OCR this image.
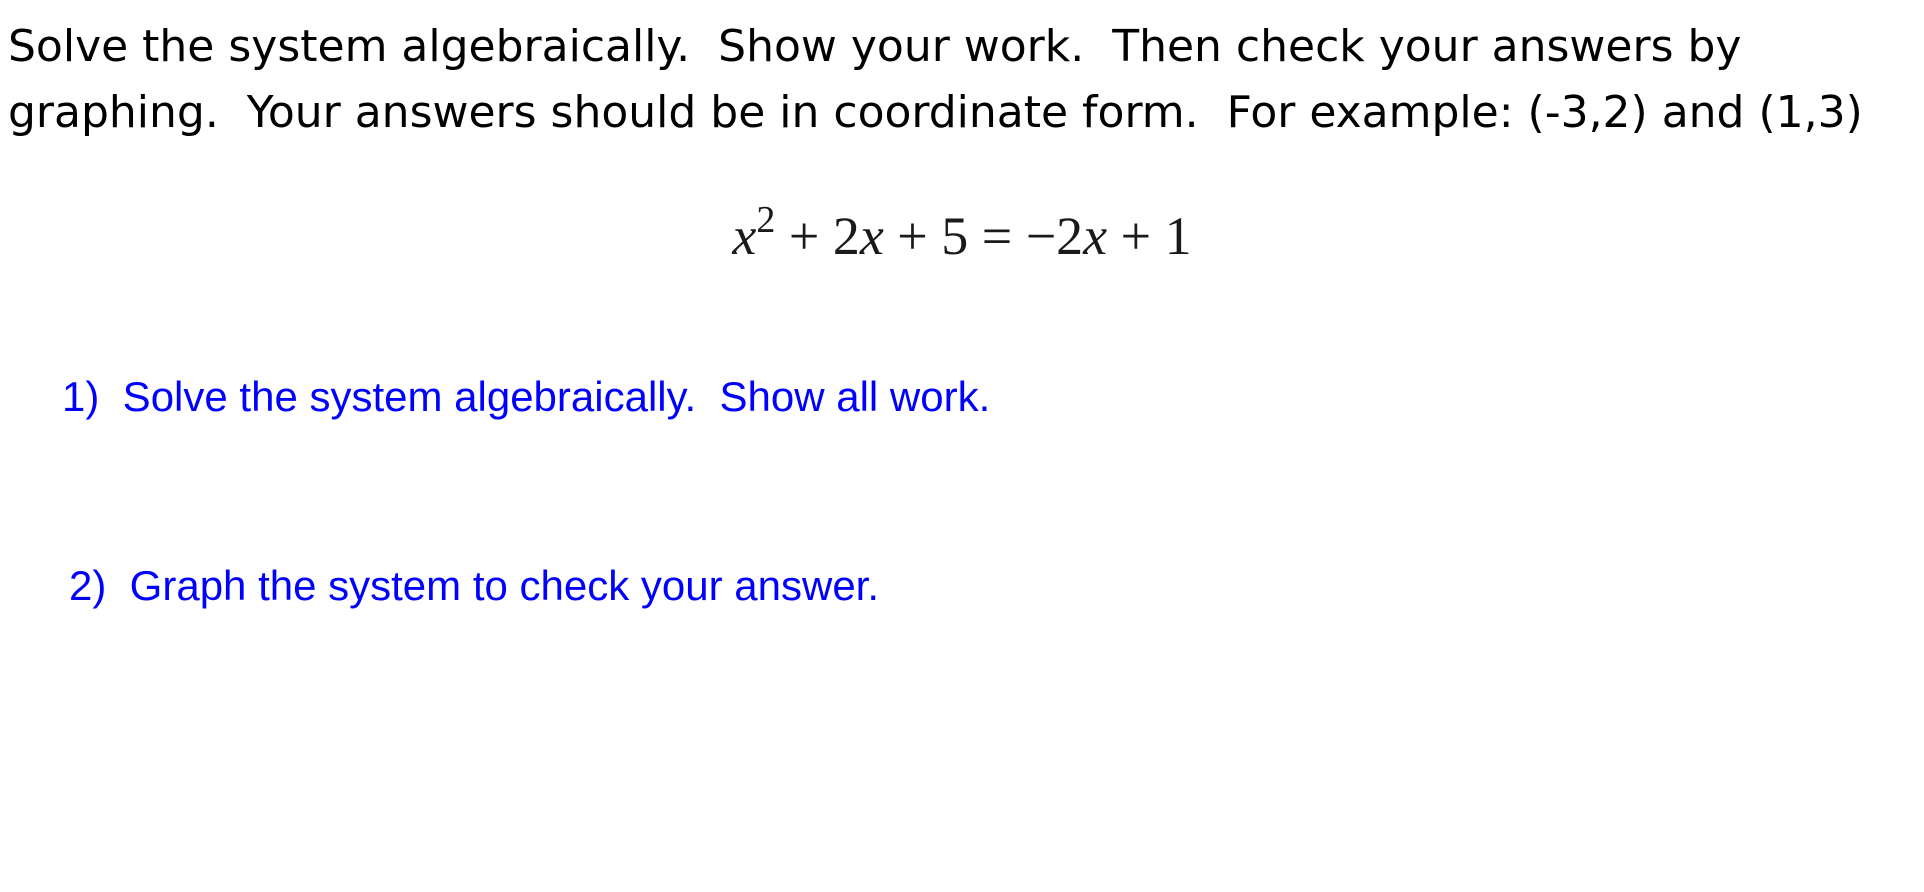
Solve the system algebraically.  Show your work.  Then check your answers by
graphing.  Your answers should be in coordinate form.  For example: (-3,2) and (1,3)
$x^2 + 2x + 5 = -2x + 1$

1)  Solve the system algebraically.  Show all work.

2)  Graph the system to check your answer.
